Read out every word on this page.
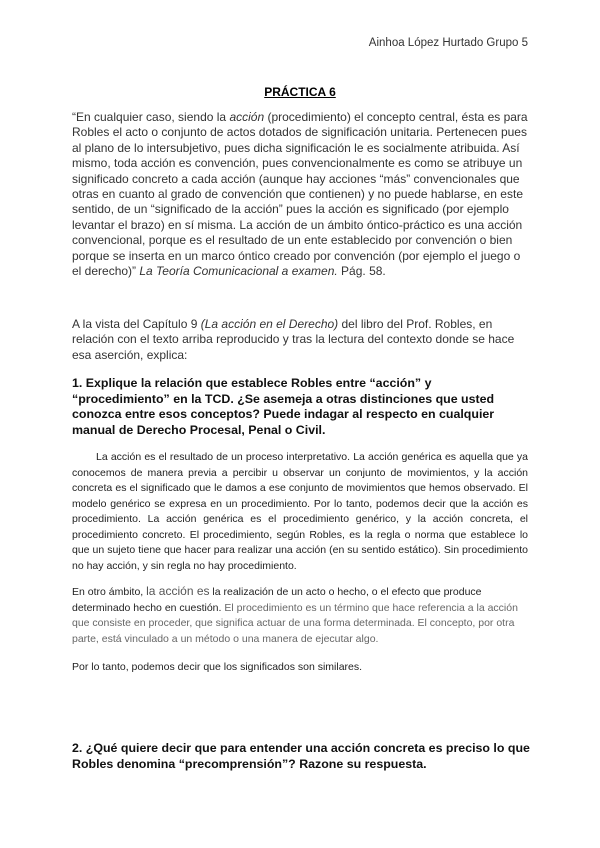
Ainhoa López Hurtado Grupo 5
PRÁCTICA 6

“En cualquier caso, siendo la acción (procedimiento) el concepto central, ésta es para Robles el acto o conjunto de actos dotados de significación unitaria. Pertenecen pues al plano de lo intersubjetivo, pues dicha significación le es socialmente atribuida. Así mismo, toda acción es convención, pues convencionalmente es como se atribuye un significado concreto a cada acción (aunque hay acciones “más” convencionales que otras en cuanto al grado de convención que contienen) y no puede hablarse, en este sentido, de un “significado de la acción” pues la acción es significado (por ejemplo levantar el brazo) en sí misma. La acción de un ámbito óntico-práctico es una acción convencional, porque es el resultado de un ente establecido por convención o bien porque se inserta en un marco óntico creado por convención (por ejemplo el juego o el derecho)” La Teoría Comunicacional a examen. Pág. 58.

A la vista del Capítulo 9 (La acción en el Derecho) del libro del Prof. Robles, en relación con el texto arriba reproducido y tras la lectura del contexto donde se hace esa aserción, explica:

1. Explique la relación que establece Robles entre “acción” y “procedimiento” en la TCD. ¿Se asemeja a otras distinciones que usted conozca entre esos conceptos? Puede indagar al respecto en cualquier manual de Derecho Procesal, Penal o Civil.

La acción es el resultado de un proceso interpretativo. La acción genérica es aquella que ya conocemos de manera previa a percibir u observar un conjunto de movimientos, y la acción concreta es el significado que le damos a ese conjunto de movimientos que hemos observado. El modelo genérico se expresa en un procedimiento. Por lo tanto, podemos decir que la acción es procedimiento. La acción genérica es el procedimiento genérico, y la acción concreta, el procedimiento concreto. El procedimiento, según Robles, es la regla o norma que establece lo que un sujeto tiene que hacer para realizar una acción (en su sentido estático). Sin procedimiento no hay acción, y sin regla no hay procedimiento.

En otro ámbito, la acción es la realización de un acto o hecho, o el efecto que produce determinado hecho en cuestión. El procedimiento es un término que hace referencia a la acción que consiste en proceder, que significa actuar de una forma determinada. El concepto, por otra parte, está vinculado a un método o una manera de ejecutar algo.

Por lo tanto, podemos decir que los significados son similares.

2. ¿Qué quiere decir que para entender una acción concreta es preciso lo que Robles denomina “precomprensión”? Razone su respuesta.
